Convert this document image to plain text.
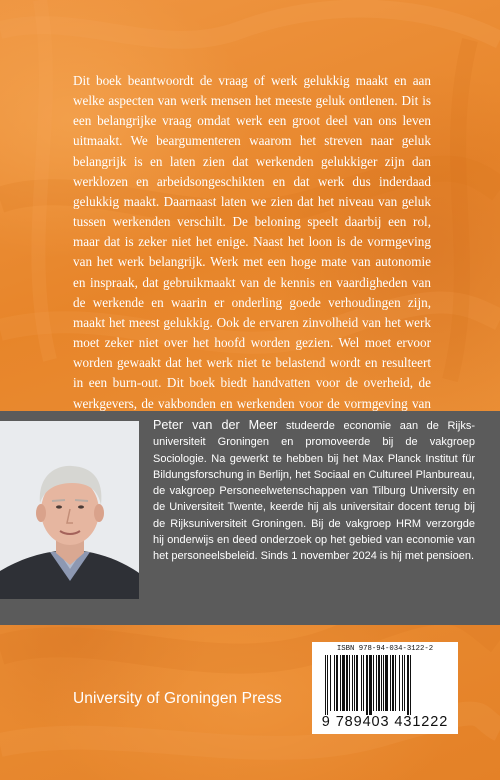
Dit boek beantwoordt de vraag of werk gelukkig maakt en aan welke aspecten van werk mensen het meeste geluk ontlenen. Dit is een belangrijke vraag omdat werk een groot deel van ons leven uitmaakt. We beargumenteren waarom het streven naar geluk belangrijk is en laten zien dat werkenden gelukkiger zijn dan werklozen en arbeidsongeschikten en dat werk dus inderdaad gelukkig maakt. Daarnaast laten we zien dat het niveau van geluk tussen werkenden verschilt. De beloning speelt daarbij een rol, maar dat is zeker niet het enige. Naast het loon is de vormgeving van het werk belangrijk. Werk met een hoge mate van autonomie en inspraak, dat gebruikmaakt van de kennis en vaardigheden van de werkende en waarin er onderling goede verhoudingen zijn, maakt het meest gelukkig. Ook de ervaren zinvolheid van het werk moet zeker niet over het hoofd worden gezien. Wel moet ervoor worden gewaakt dat het werk niet te belastend wordt en resulteert in een burn-out. Dit boek biedt handvatten voor de overheid, de werkgevers, de vakbonden en werkenden voor de vormgeving van

Peter van der Meer studeerde economie aan de Rijksuniversiteit Groningen en promoveerde bij de vakgroep Sociologie. Na gewerkt te hebben bij het Max Planck Institut für Bildungsforschung in Berlijn, het Sociaal en Cultureel Planbureau, de vakgroep Personeelwetenschappen van Tilburg University en de Universiteit Twente, keerde hij als universitair docent terug bij de Rijksuniversiteit Groningen. Bij de vakgroep HRM verzorgde hij onderwijs en deed onderzoek op het gebied van economie van het personeelsbeleid. Sinds 1 november 2024 is hij met pensioen.

University of Groningen Press

ISBN 978-94-034-3122-2

9 789403 431222
